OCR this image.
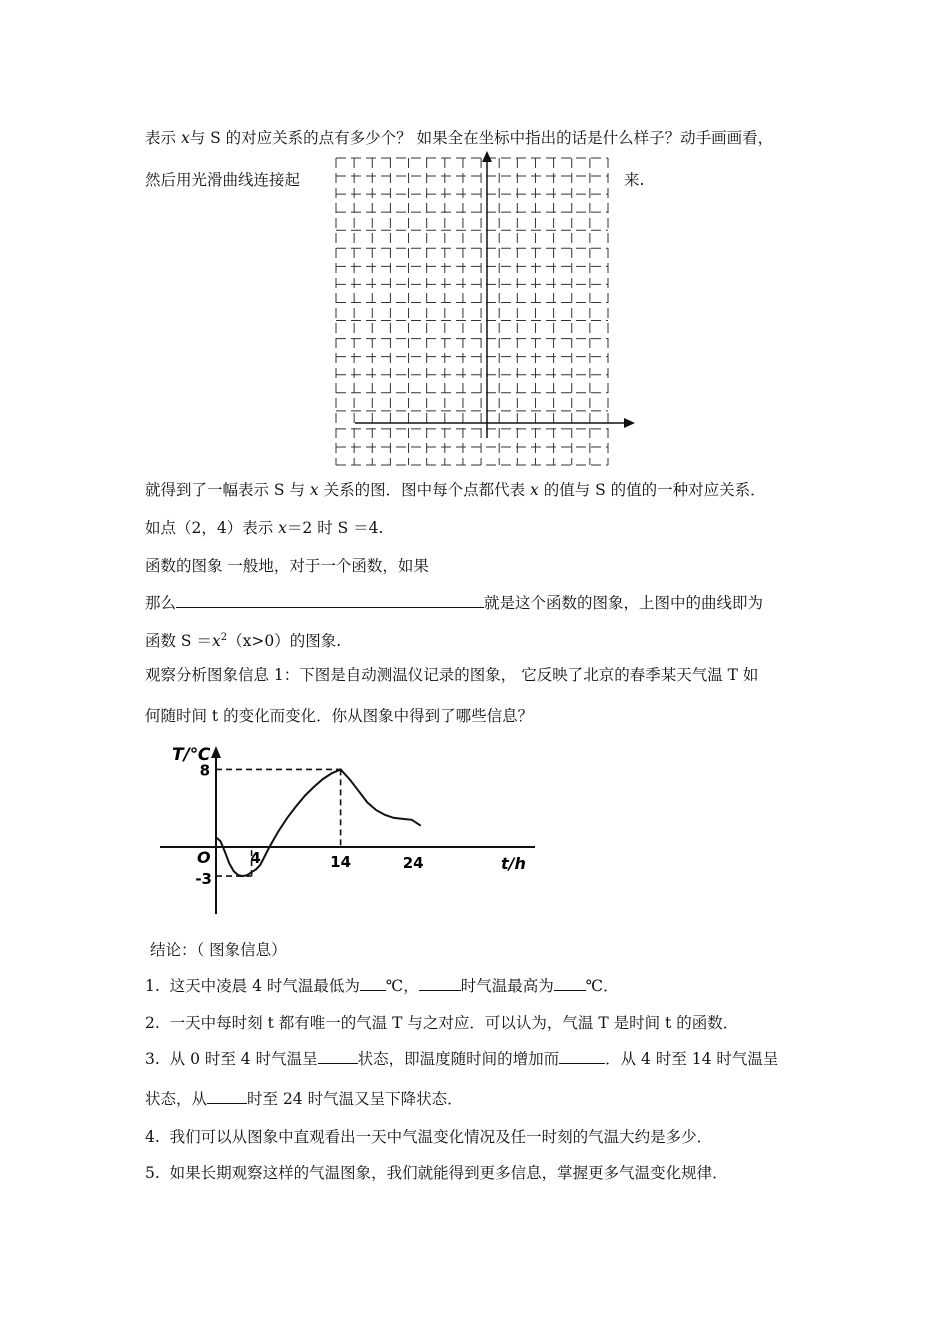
表示 x与 S 的对应关系的点有多少个？ 如果全在坐标中指出的话是什么样子？动手画画看，
然后用光滑曲线连接起	来.
就得到了一幅表示 S 与 x 关系的图．图中每个点都代表 x 的值与 S 的值的一种对应关系．
如点（2，4）表示 x＝2 时 S ＝4.
函数的图象 一般地，对于一个函数，如果
那么	就是这个函数的图象，上图中的曲线即为
函数 $S =x^2(x>0)$的图象.
观察分析图象信息 1：下图是自动测温仪记录的图象， 它反映了北京的春季某天气温 T 如
何随时间 t 的变化而变化．你从图象中得到了哪些信息？
4	14	24
8
-3
T/℃
t/h
O
结论：（ 图象信息）
1. 这天中凌晨 4 时气温最低为 ℃，	时气温最高为 ℃．
2. 一天中每时刻 t 都有唯一的气温 T 与之对应．可以认为，气温 T 是时间 t 的函数．
3. 从 0 时至 4 时气温呈	状态，即温度随时间的增加而	．从 4 时至 14 时气温呈
状态，从	时至 24 时气温又呈下降状态．
4. 我们可以从图象中直观看出一天中气温变化情况及任一时刻的气温大约是多少．
5. 如果长期观察这样的气温图象，我们就能得到更多信息，掌握更多气温变化规律．
